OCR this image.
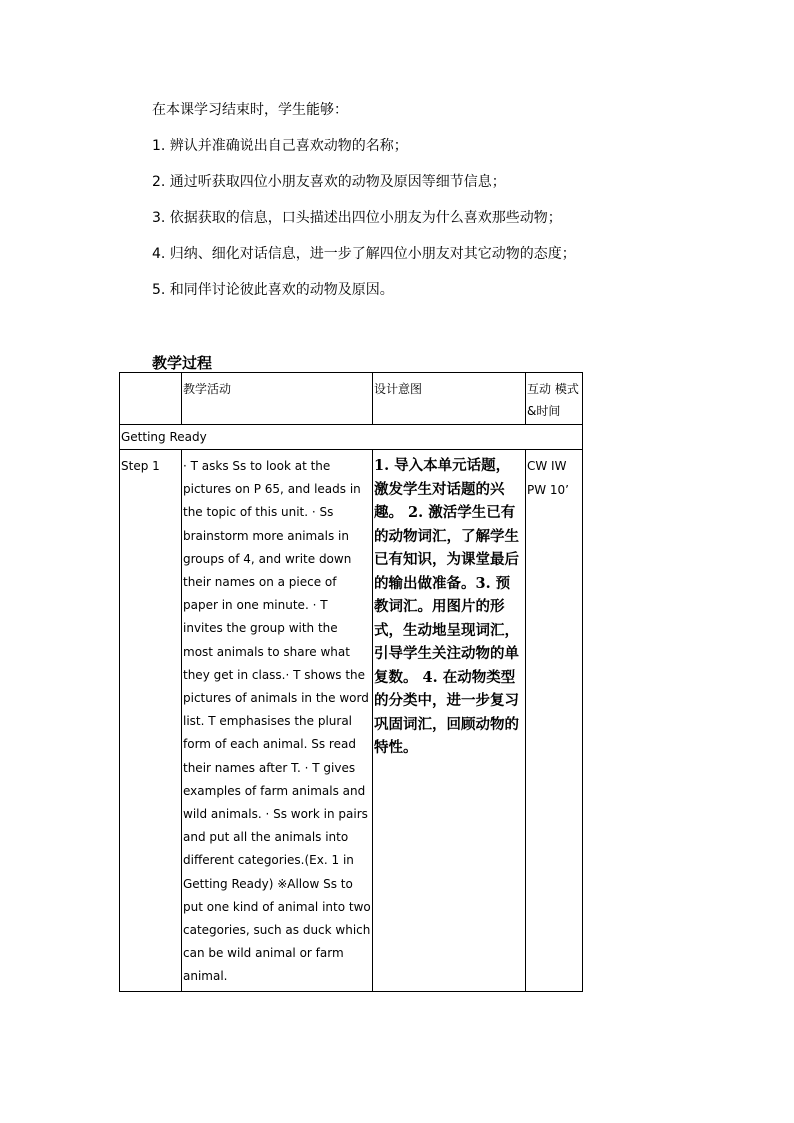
在本课学习结束时，学生能够：

1. 辨认并准确说出自己喜欢动物的名称；

2. 通过听获取四位小朋友喜欢的动物及原因等细节信息；

3. 依据获取的信息，口头描述出四位小朋友为什么喜欢那些动物；

4. 归纳、细化对话信息，进一步了解四位小朋友对其它动物的态度；

5. 和同伴讨论彼此喜欢的动物及原因。

教学过程

	教学活动	设计意图	互动 模式 &时间

Getting Ready			

Step 1	· T asks Ss to look at the pictures on P 65, and leads in the topic of this unit. · Ss brainstorm more animals in groups of 4, and write down their names on a piece of paper in one minute. · T invites the group with the most animals to share what they get in class.· T shows the pictures of animals in the word list. T emphasises the plural form of each animal. Ss read their names after T. · T gives examples of farm animals and wild animals. · Ss work in pairs and put all the animals into different categories.(Ex. 1 in Getting Ready) ※Allow Ss to put one kind of animal into two categories, such as duck which can be wild animal or farm animal.	1. 导入本单元话题，激发学生对话题的兴趣。 2. 激活学生已有的动物词汇，了解学生已有知识，为课堂最后的输出做准备。3. 预教词汇。用图片的形式，生动地呈现词汇，引导学生关注动物的单复数。 4. 在动物类型的分类中，进一步复习巩固词汇，回顾动物的特性。	CW IW PW 10’
